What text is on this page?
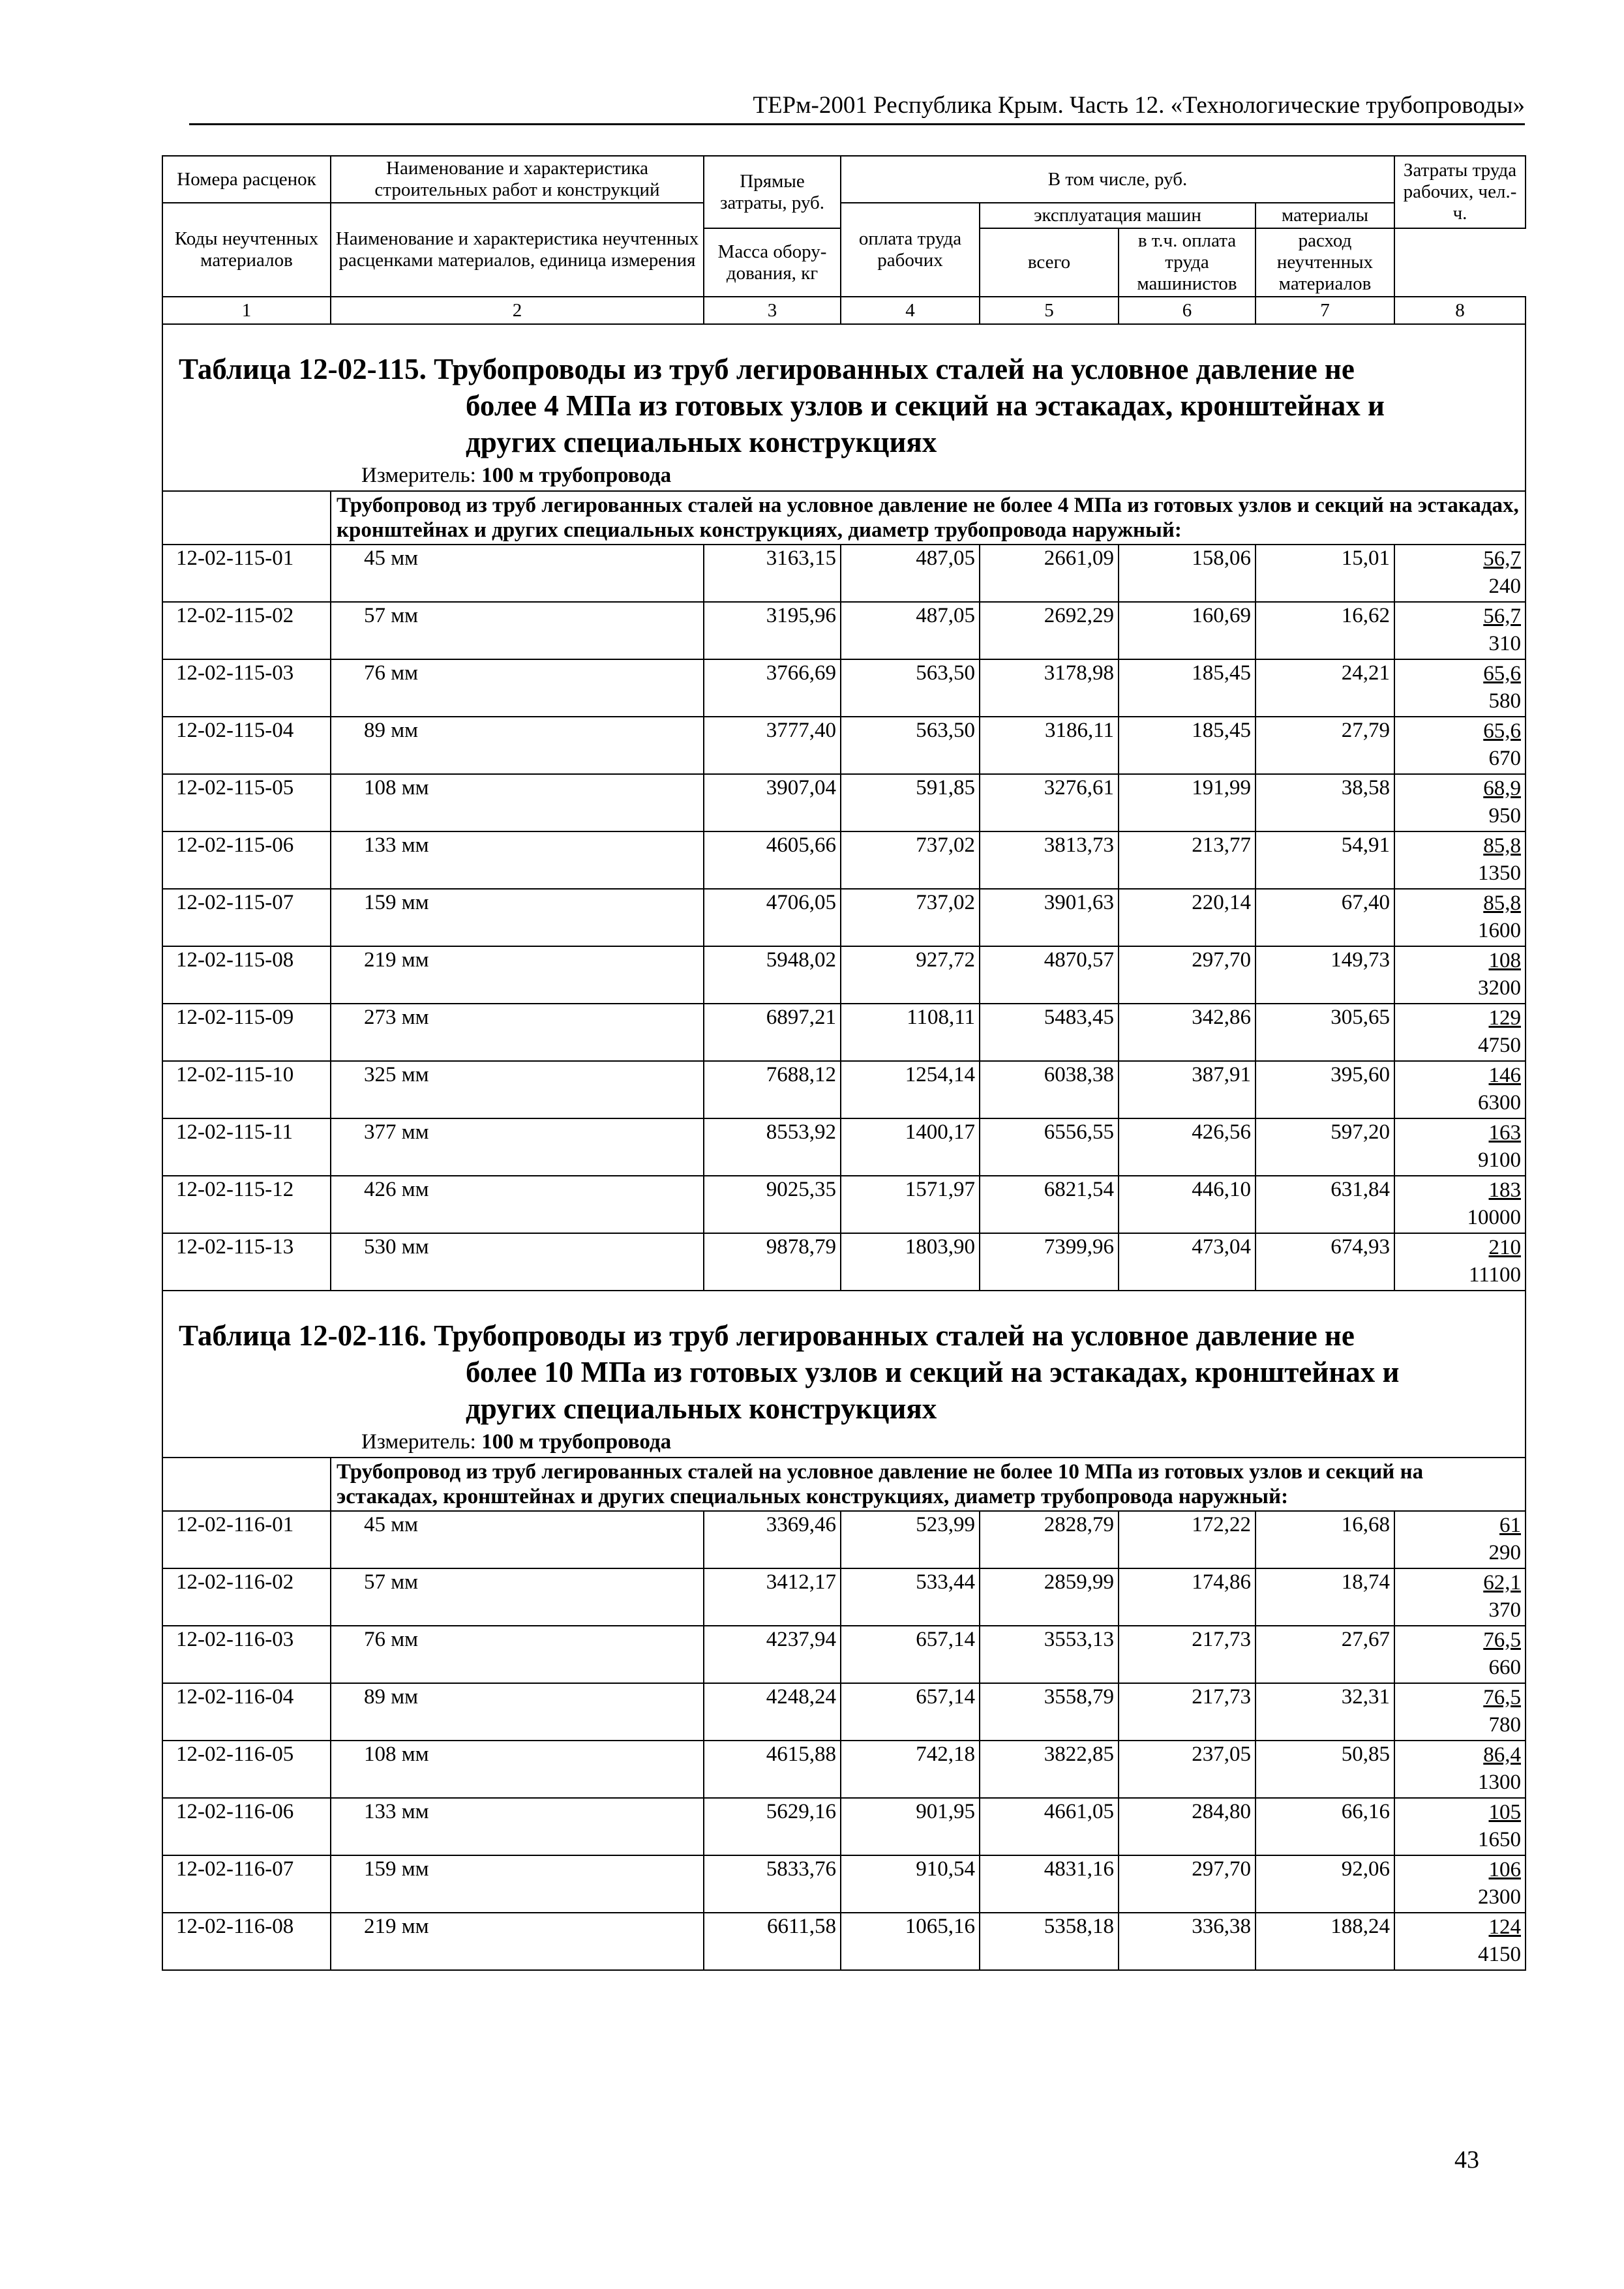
ТЕРм-2001 Республика Крым. Часть 12. «Технологические трубопроводы»
Номера расценок	Наименование и характеристика строительных работ и конструкций	Прямые затраты, руб.	В том числе, руб.				Затраты труда рабочих, чел.-ч.
Коды неучтенных материалов	Наименование и характеристика неучтенных расценками материалов, единица измерения		оплата труда рабочих	эксплуатация машин		материалы	
				всего	в т.ч. оплата труда машинистов	расход неучтенных материалов	
		Масса обору-дования, кг					
1	2	3	4	5	6	7	8

Таблица 12-02-115. Трубопроводы из труб легированных сталей на условное давление не
более 4 МПа из готовых узлов и секций на эстакадах, кронштейнах и
других специальных конструкциях
Измеритель: 100 м трубопровода							

	Трубопровод из труб легированных сталей на условное давление не более 4 МПа из готовых узлов и секций на эстакадах, кронштейнах и других специальных конструкциях, диаметр трубопровода наружный:						
12-02-115-01	45 мм	3163,15	487,05	2661,09	158,06	15,01	56,7
240

12-02-115-02	57 мм	3195,96	487,05	2692,29	160,69	16,62	56,7
310

12-02-115-03	76 мм	3766,69	563,50	3178,98	185,45	24,21	65,6
580

12-02-115-04	89 мм	3777,40	563,50	3186,11	185,45	27,79	65,6
670

12-02-115-05	108 мм	3907,04	591,85	3276,61	191,99	38,58	68,9
950

12-02-115-06	133 мм	4605,66	737,02	3813,73	213,77	54,91	85,8
1350

12-02-115-07	159 мм	4706,05	737,02	3901,63	220,14	67,40	85,8
1600

12-02-115-08	219 мм	5948,02	927,72	4870,57	297,70	149,73	108
3200

12-02-115-09	273 мм	6897,21	1108,11	5483,45	342,86	305,65	129
4750

12-02-115-10	325 мм	7688,12	1254,14	6038,38	387,91	395,60	146
6300

12-02-115-11	377 мм	8553,92	1400,17	6556,55	426,56	597,20	163
9100

12-02-115-12	426 мм	9025,35	1571,97	6821,54	446,10	631,84	183
10000

12-02-115-13	530 мм	9878,79	1803,90	7399,96	473,04	674,93	210
11100

Таблица 12-02-116. Трубопроводы из труб легированных сталей на условное давление не
более 10 МПа из готовых узлов и секций на эстакадах, кронштейнах и
других специальных конструкциях
Измеритель: 100 м трубопровода							

	Трубопровод из труб легированных сталей на условное давление не более 10 МПа из готовых узлов и секций на эстакадах, кронштейнах и других специальных конструкциях, диаметр трубопровода наружный:						
12-02-116-01	45 мм	3369,46	523,99	2828,79	172,22	16,68	61
290

12-02-116-02	57 мм	3412,17	533,44	2859,99	174,86	18,74	62,1
370

12-02-116-03	76 мм	4237,94	657,14	3553,13	217,73	27,67	76,5
660

12-02-116-04	89 мм	4248,24	657,14	3558,79	217,73	32,31	76,5
780

12-02-116-05	108 мм	4615,88	742,18	3822,85	237,05	50,85	86,4
1300

12-02-116-06	133 мм	5629,16	901,95	4661,05	284,80	66,16	105
1650

12-02-116-07	159 мм	5833,76	910,54	4831,16	297,70	92,06	106
2300

12-02-116-08	219 мм	6611,58	1065,16	5358,18	336,38	188,24	124
4150
43
